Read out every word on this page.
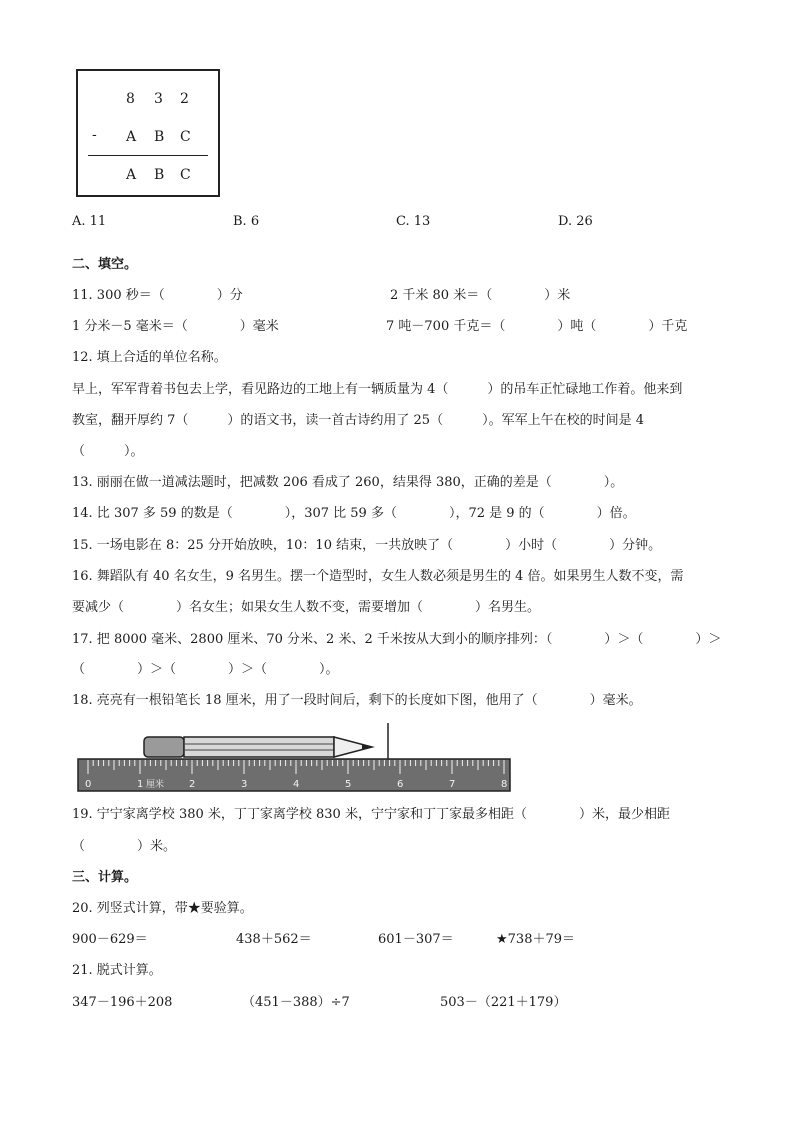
8 3 2
- A B C
A B C
A. 11	B. 6	C. 13	D. 26
二、填空。
11. 300 秒＝（　　　　）分	2 千米 80 米＝（　　　　）米
1 分米－5 毫米＝（　　　　）毫米	7 吨－700 千克＝（　　　　）吨（　　　　）千克
12. 填上合适的单位名称。
早上，军军背着书包去上学，看见路边的工地上有一辆质量为 4（　　　）的吊车正忙碌地工作着。他来到
教室，翻开厚约 7（　　　）的语文书，读一首古诗约用了 25（　　　）。军军上午在校的时间是 4
（　　　）。
13. 丽丽在做一道减法题时，把减数 206 看成了 260，结果得 380，正确的差是（　　　　）。
14. 比 307 多 59 的数是（　　　　），307 比 59 多（　　　　），72 是 9 的（　　　　）倍。
15. 一场电影在 8：25 分开始放映，10：10 结束，一共放映了（　　　　）小时（　　　　）分钟。
16. 舞蹈队有 40 名女生，9 名男生。摆一个造型时，女生人数必须是男生的 4 倍。如果男生人数不变，需
要减少（　　　　）名女生；如果女生人数不变，需要增加（　　　　）名男生。
17. 把 8000 毫米、2800 厘米、70 分米、2 米、2 千米按从大到小的顺序排列：（　　　　）＞（　　　　）＞
（　　　　）＞（　　　　）＞（　　　　）。
18. 亮亮有一根铅笔长 18 厘米，用了一段时间后，剩下的长度如下图，他用了（　　　　）毫米。
0	1	2	3	4	5	6	7	8
厘米
19. 宁宁家离学校 380 米，丁丁家离学校 830 米，宁宁家和丁丁家最多相距（　　　　）米，最少相距
（　　　　）米。
三、计算。
20. 列竖式计算，带★要验算。
900－629＝	438＋562＝	601－307＝	★738＋79＝
21. 脱式计算。
347－196＋208	（451－388）÷7	503－（221＋179）
